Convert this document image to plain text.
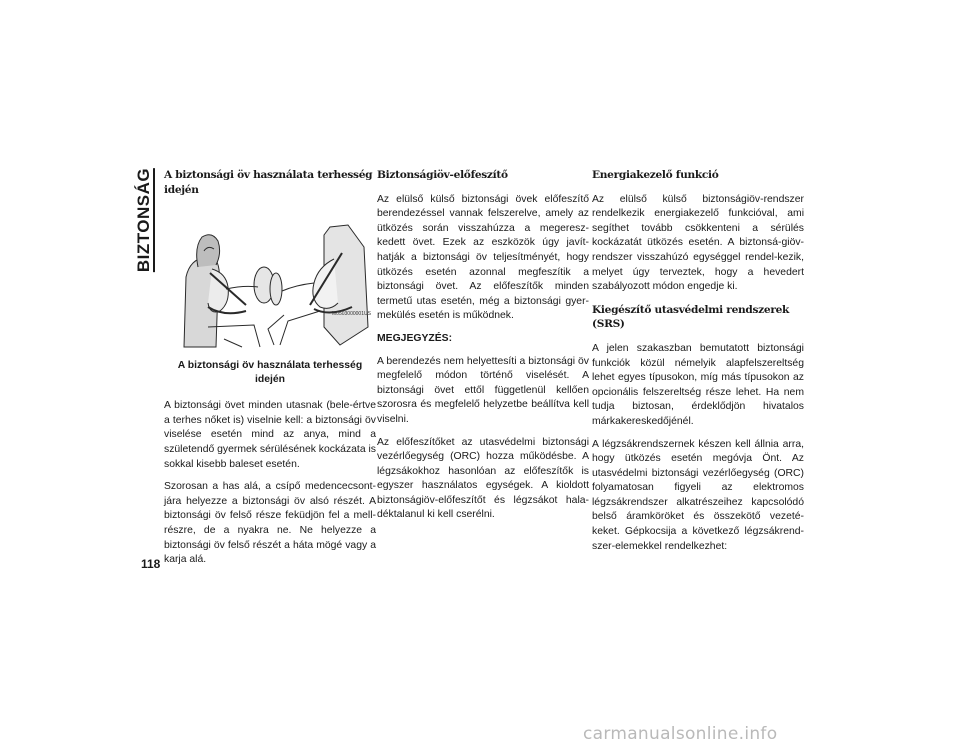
BIZTONSÁG A biztonsági öv használata terhesség idején
M0503000001US
A biztonsági öv használata terhesség idején

A biztonsági övet minden utasnak (bele-értve a terhes nőket is) viselnie kell: a biztonsági öv viselése esetén mind az anya, mind a születendő gyermek sérülésének kockázata is sokkal kisebb baleset esetén.

Szorosan a has alá, a csípő medencecsont-jára helyezze a biztonsági öv alsó részét. A biztonsági öv felső része feküdjön fel a mell-részre, de a nyakra ne. Ne helyezze a biztonsági öv felső részét a háta mögé vagy a karja alá.

Biztonságiöv-előfeszítő

Az elülső külső biztonsági övek előfeszítő berendezéssel vannak felszerelve, amely az ütközés során visszahúzza a megeresz-kedett övet. Ezek az eszközök úgy javít-hatják a biztonsági öv teljesítményét, hogy ütközés esetén azonnal megfeszítik a biztonsági övet. Az előfeszítők minden termetű utas esetén, még a biztonsági gyer-mekülés esetén is működnek.

MEGJEGYZÉS:

A berendezés nem helyettesíti a biztonsági öv megfelelő módon történő viselését. A biztonsági övet ettől függetlenül kellően szorosra és megfelelő helyzetbe beállítva kell viselni.

Az előfeszítőket az utasvédelmi biztonsági vezérlőegység (ORC) hozza működésbe. A légzsákokhoz hasonlóan az előfeszítők is egyszer használatos egységek. A kioldott biztonságiöv-előfeszítőt és légzsákot hala-déktalanul ki kell cserélni.

Energiakezelő funkció

Az elülső külső biztonságiöv-rendszer rendelkezik energiakezelő funkcióval, ami segíthet tovább csökkenteni a sérülés kockázatát ütközés esetén. A biztonsá-giöv-rendszer visszahúzó egységgel rendel-kezik, melyet úgy terveztek, hogy a hevedert szabályozott módon engedje ki.

Kiegészítő utasvédelmi rendszerek (SRS)

A jelen szakaszban bemutatott biztonsági funkciók közül némelyik alapfelszereltség lehet egyes típusokon, míg más típusokon az opcionális felszereltség része lehet. Ha nem tudja biztosan, érdeklődjön hivatalos márkakereskedőjénél.

A légzsákrendszernek készen kell állnia arra, hogy ütközés esetén megóvja Önt. Az utasvédelmi biztonsági vezérlőegység (ORC) folyamatosan figyeli az elektromos légzsákrendszer alkatrészeihez kapcsolódó belső áramköröket és összekötő vezeté-keket. Gépkocsija a következő légzsákrend-szer-elemekkel rendelkezhet:

118
carmanualsonline.info
